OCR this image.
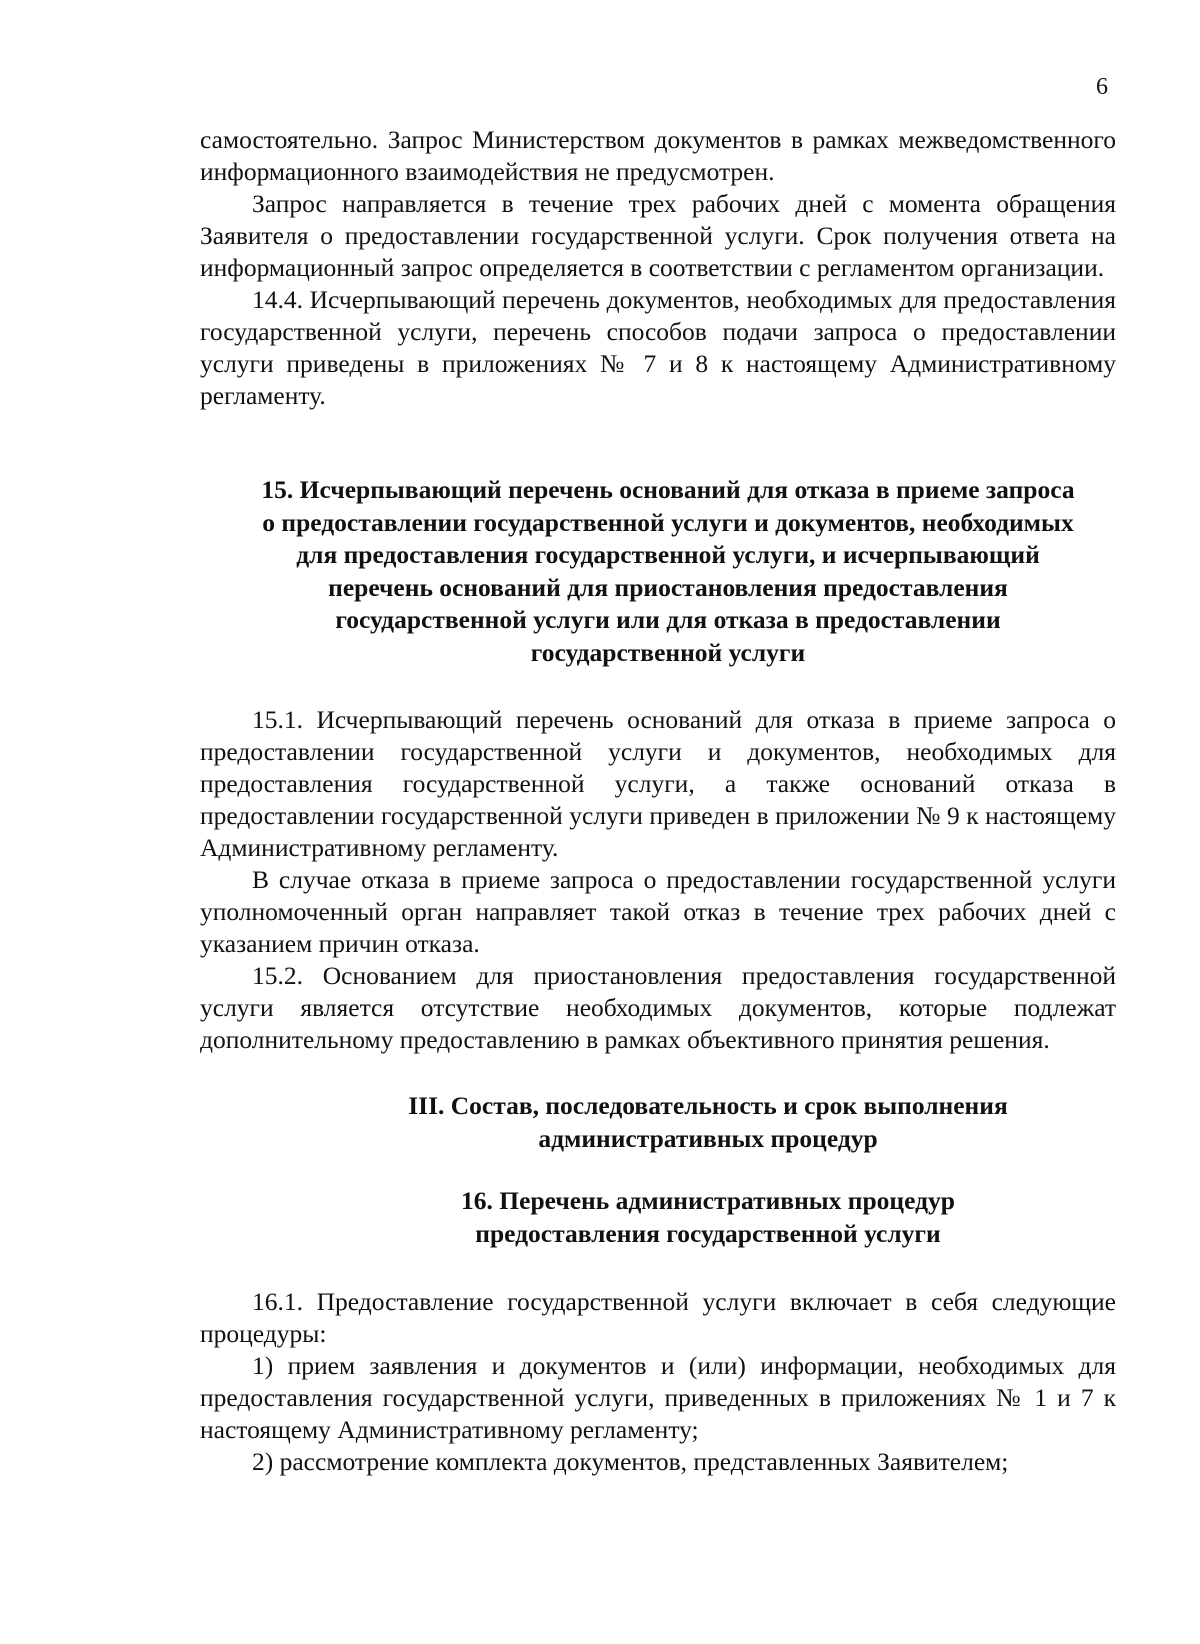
6

самостоятельно. Запрос Министерством документов в рамках межведомственного информационного взаимодействия не предусмотрен.

Запрос направляется в течение трех рабочих дней с момента обращения Заявителя о предоставлении государственной услуги. Срок получения ответа на информационный запрос определяется в соответствии с регламентом организации.

14.4. Исчерпывающий перечень документов, необходимых для предоставления государственной услуги, перечень способов подачи запроса о предоставлении услуги приведены в приложениях № 7 и 8 к настоящему Административному регламенту.

15. Исчерпывающий перечень оснований для отказа в приеме запроса о предоставлении государственной услуги и документов, необходимых для предоставления государственной услуги, и исчерпывающий перечень оснований для приостановления предоставления государственной услуги или для отказа в предоставлении государственной услуги

15.1. Исчерпывающий перечень оснований для отказа в приеме запроса о предоставлении государственной услуги и документов, необходимых для предоставления государственной услуги, а также оснований отказа в предоставлении государственной услуги приведен в приложении № 9 к настоящему Административному регламенту.

В случае отказа в приеме запроса о предоставлении государственной услуги уполномоченный орган направляет такой отказ в течение трех рабочих дней с указанием причин отказа.

15.2. Основанием для приостановления предоставления государственной услуги является отсутствие необходимых документов, которые подлежат дополнительному предоставлению в рамках объективного принятия решения.

III. Состав, последовательность и срок выполнения
административных процедур
16. Перечень административных процедур
предоставления государственной услуги

16.1. Предоставление государственной услуги включает в себя следующие процедуры:

1) прием заявления и документов и (или) информации, необходимых для предоставления государственной услуги, приведенных в приложениях № 1 и 7 к настоящему Административному регламенту;

2) рассмотрение комплекта документов, представленных Заявителем;
